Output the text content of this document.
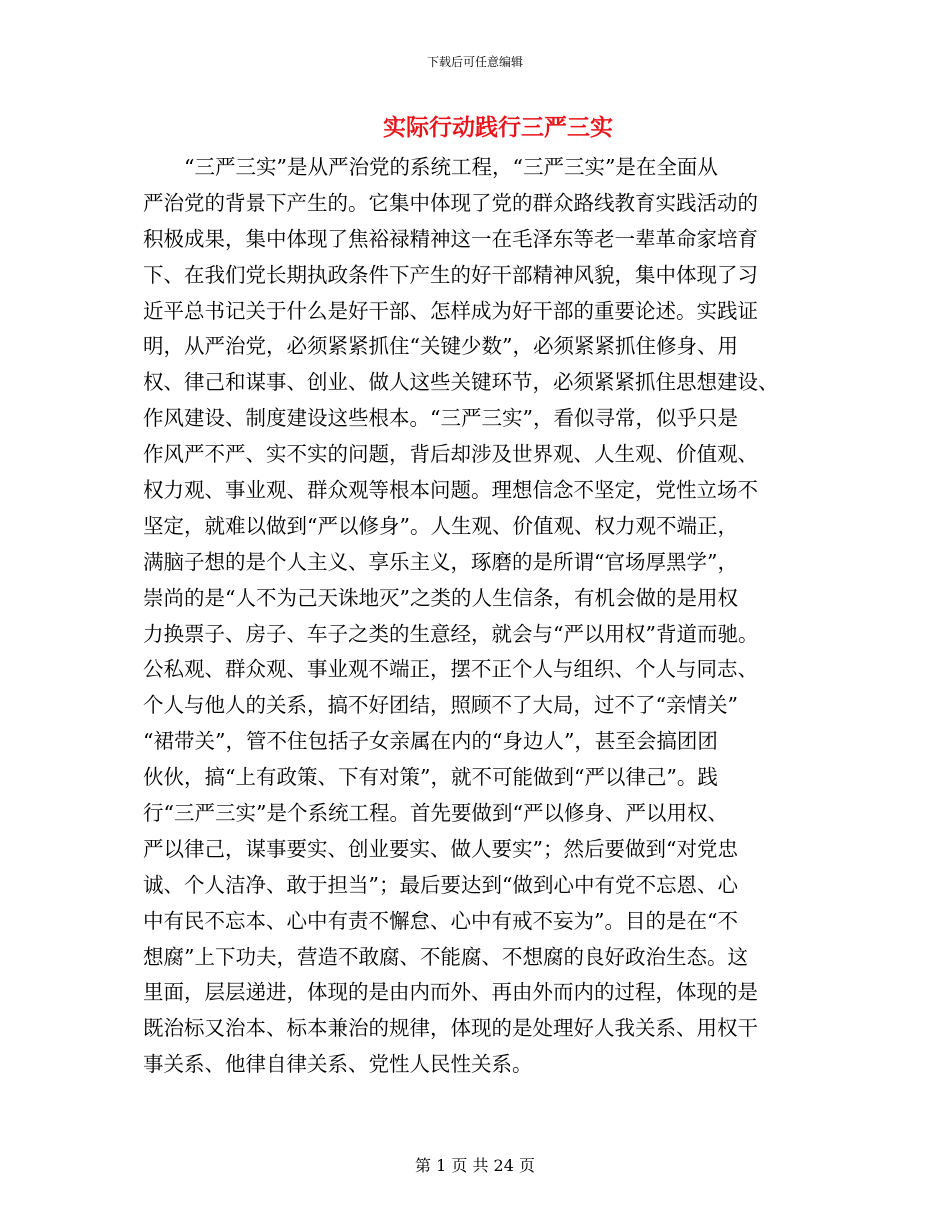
下载后可任意编辑
实际行动践行三严三实
“三严三实”是从严治党的系统工程，“三严三实”是在全面从
严治党的背景下产生的。它集中体现了党的群众路线教育实践活动的
积极成果，集中体现了焦裕禄精神这一在毛泽东等老一辈革命家培育
下、在我们党长期执政条件下产生的好干部精神风貌，集中体现了习
近平总书记关于什么是好干部、怎样成为好干部的重要论述。实践证
明，从严治党，必须紧紧抓住“关键少数”，必须紧紧抓住修身、用
权、律己和谋事、创业、做人这些关键环节，必须紧紧抓住思想建设、
作风建设、制度建设这些根本。“三严三实”，看似寻常，似乎只是
作风严不严、实不实的问题，背后却涉及世界观、人生观、价值观、
权力观、事业观、群众观等根本问题。理想信念不坚定，党性立场不
坚定，就难以做到“严以修身”。人生观、价值观、权力观不端正，
满脑子想的是个人主义、享乐主义，琢磨的是所谓“官场厚黑学”，
崇尚的是“人不为己天诛地灭”之类的人生信条，有机会做的是用权
力换票子、房子、车子之类的生意经，就会与“严以用权”背道而驰。
公私观、群众观、事业观不端正，摆不正个人与组织、个人与同志、
个人与他人的关系，搞不好团结，照顾不了大局，过不了“亲情关”
“裙带关”，管不住包括子女亲属在内的“身边人”，甚至会搞团团
伙伙，搞“上有政策、下有对策”，就不可能做到“严以律己”。践
行“三严三实”是个系统工程。首先要做到“严以修身、严以用权、
严以律己，谋事要实、创业要实、做人要实”；然后要做到“对党忠
诚、个人洁净、敢于担当”；最后要达到“做到心中有党不忘恩、心
中有民不忘本、心中有责不懈怠、心中有戒不妄为”。目的是在“不
想腐”上下功夫，营造不敢腐、不能腐、不想腐的良好政治生态。这
里面，层层递进，体现的是由内而外、再由外而内的过程，体现的是
既治标又治本、标本兼治的规律，体现的是处理好人我关系、用权干
事关系、他律自律关系、党性人民性关系。
第 1 页 共 24 页
